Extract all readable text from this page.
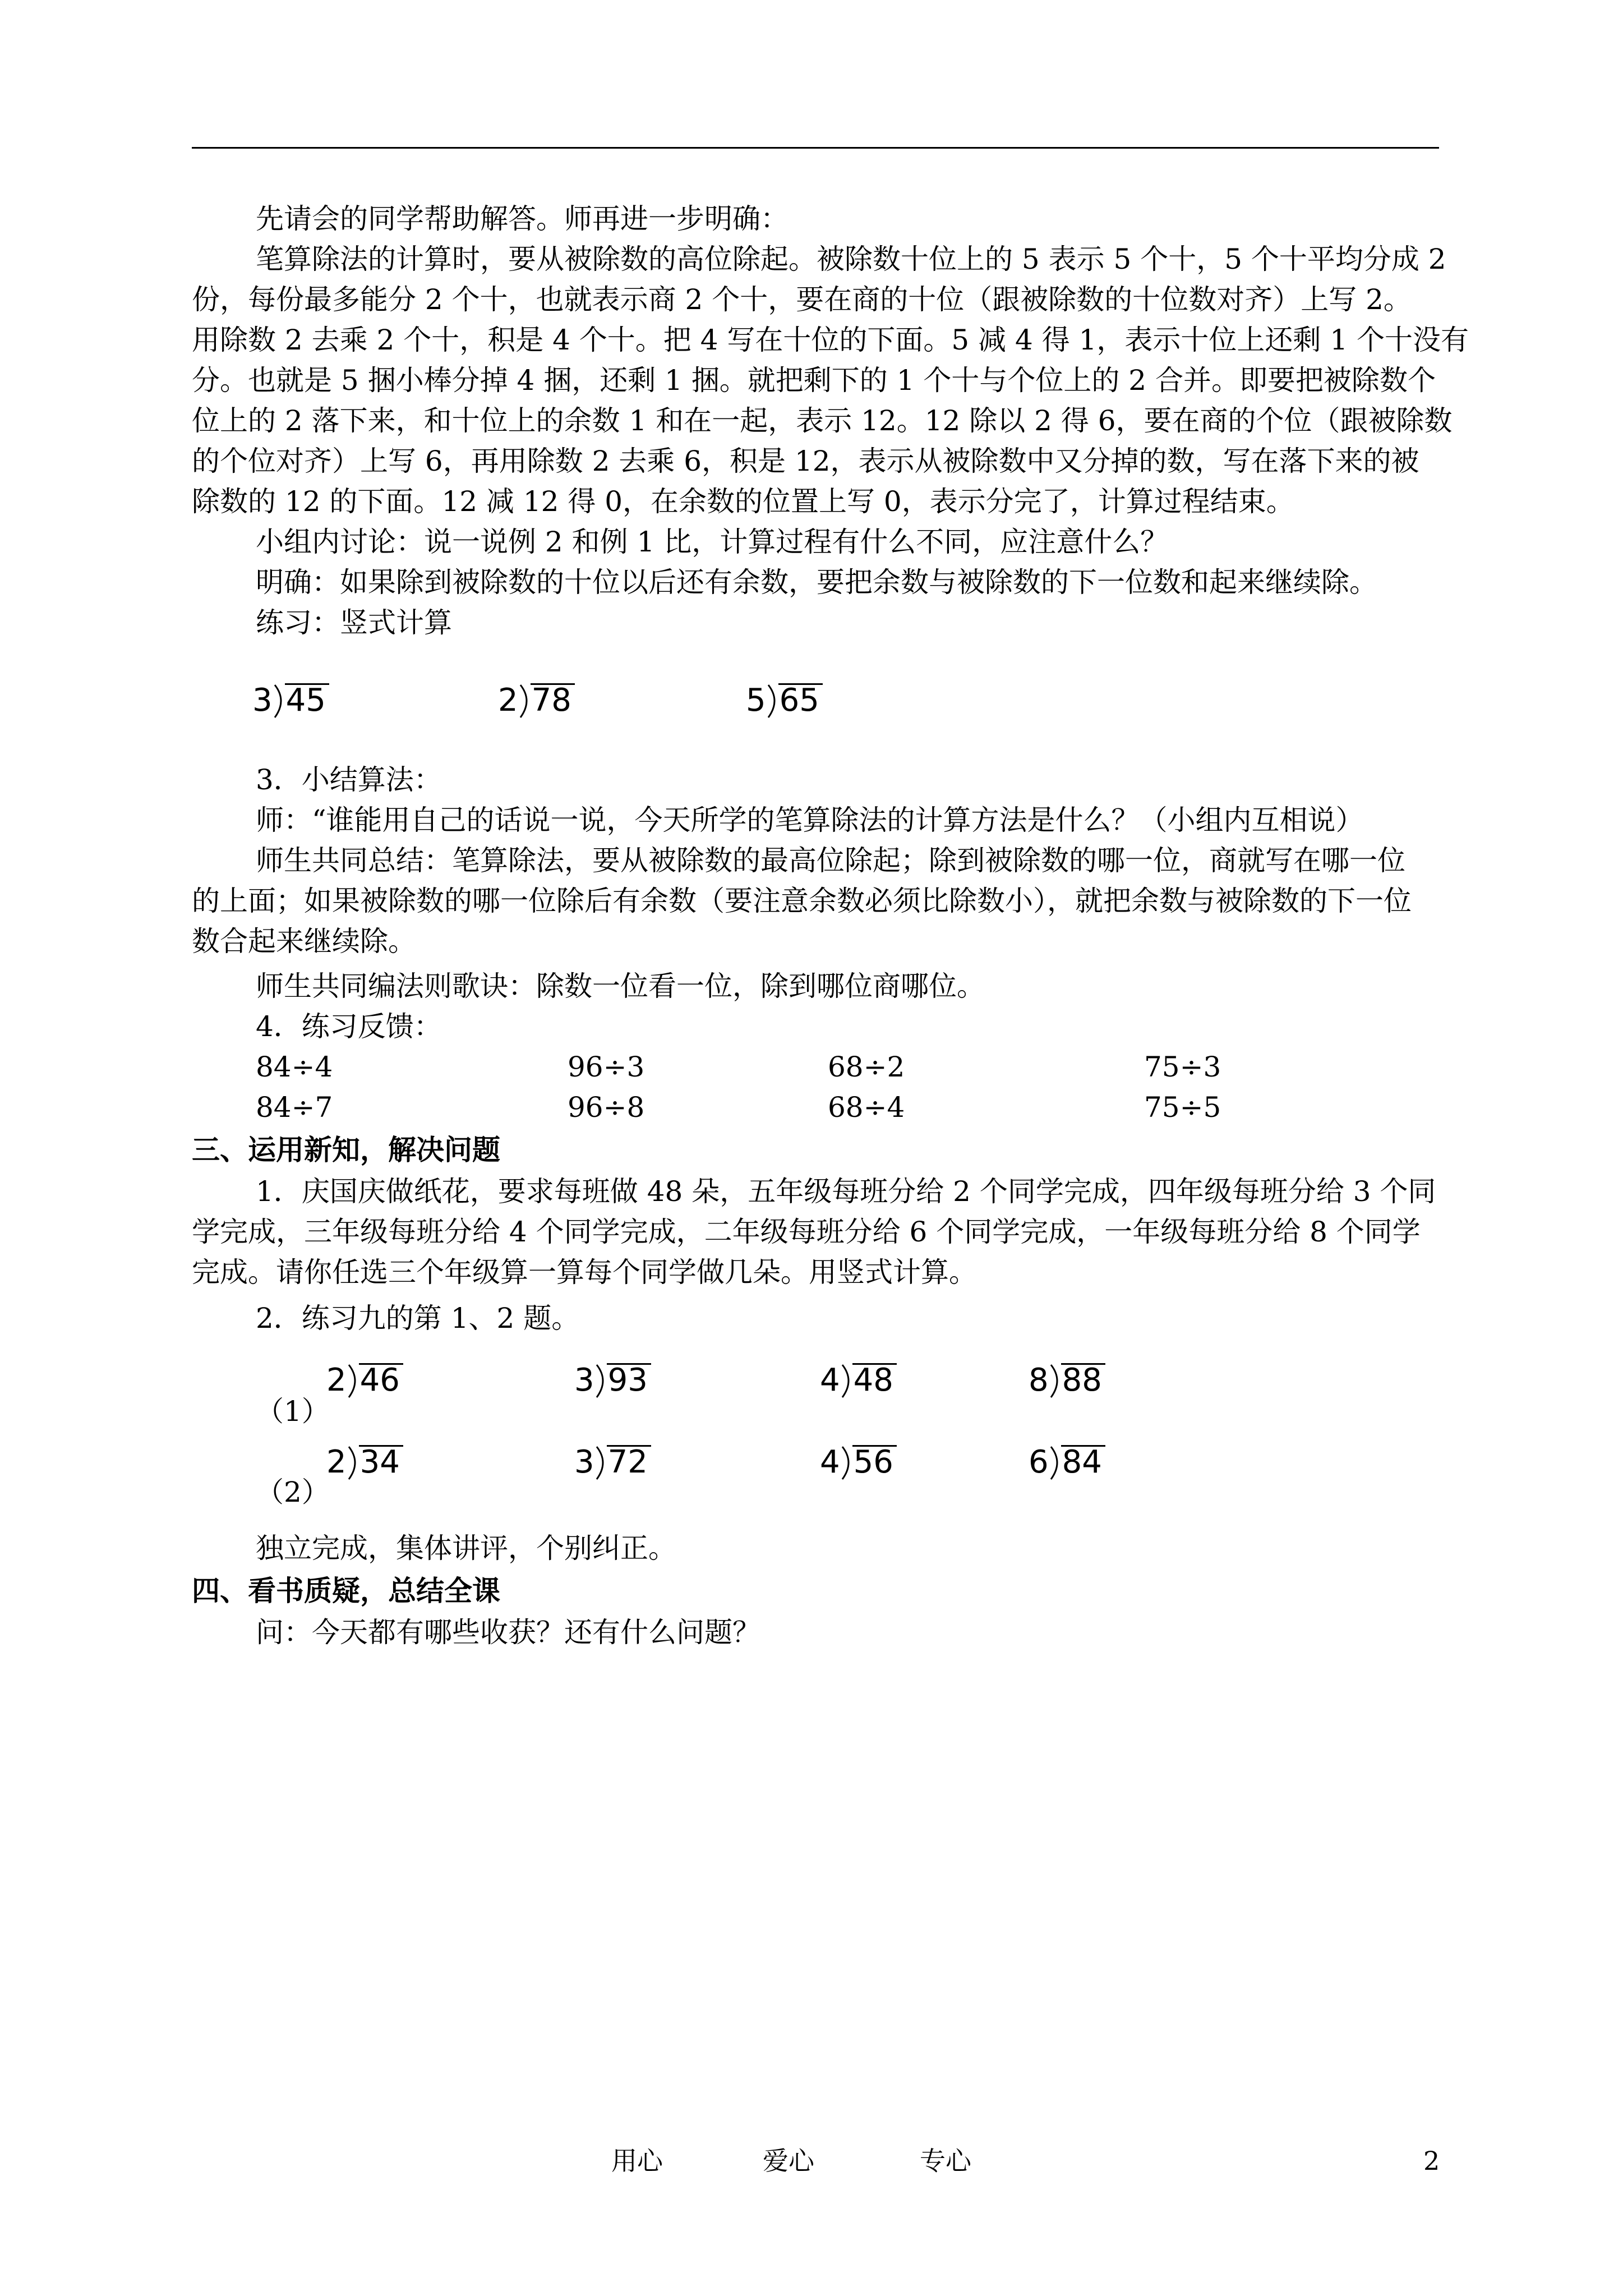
先请会的同学帮助解答。师再进一步明确：
笔算除法的计算时，要从被除数的高位除起。被除数十位上的 5 表示 5 个十，5 个十平均分成 2
份，每份最多能分 2 个十，也就表示商 2 个十，要在商的十位（跟被除数的十位数对齐）上写 2。
用除数 2 去乘 2 个十，积是 4 个十。把 4 写在十位的下面。5 减 4 得 1，表示十位上还剩 1 个十没有
分。也就是 5 捆小棒分掉 4 捆，还剩 1 捆。就把剩下的 1 个十与个位上的 2 合并。即要把被除数个
位上的 2 落下来，和十位上的余数 1 和在一起，表示 12。12 除以 2 得 6，要在商的个位（跟被除数
的个位对齐）上写 6，再用除数 2 去乘 6，积是 12，表示从被除数中又分掉的数，写在落下来的被
除数的 12 的下面。12 减 12 得 0，在余数的位置上写 0，表示分完了，计算过程结束。
小组内讨论：说一说例 2 和例 1 比，计算过程有什么不同，应注意什么？
明确：如果除到被除数的十位以后还有余数，要把余数与被除数的下一位数和起来继续除。
练习：竖式计算
3 45	2 78	5 65
3．小结算法：
师：“谁能用自己的话说一说，今天所学的笔算除法的计算方法是什么？（小组内互相说）
师生共同总结：笔算除法，要从被除数的最高位除起；除到被除数的哪一位，商就写在哪一位
的上面；如果被除数的哪一位除后有余数（要注意余数必须比除数小），就把余数与被除数的下一位
数合起来继续除。
师生共同编法则歌诀：除数一位看一位，除到哪位商哪位。
4．练习反馈：
84÷4	96÷3	68÷2	75÷3
84÷7	96÷8	68÷4	75÷5
三、运用新知，解决问题
1．庆国庆做纸花，要求每班做 48 朵，五年级每班分给 2 个同学完成，四年级每班分给 3 个同
学完成，三年级每班分给 4 个同学完成，二年级每班分给 6 个同学完成，一年级每班分给 8 个同学
完成。请你任选三个年级算一算每个同学做几朵。用竖式计算。
2．练习九的第 1、2 题。
（1）
2 46	3 93	4 48	8 88
（2）
2 34	3 72	4 56	6 84
独立完成，集体讲评，个别纠正。
四、看书质疑，总结全课
问：今天都有哪些收获？还有什么问题？
用心	爱心	专心	2
